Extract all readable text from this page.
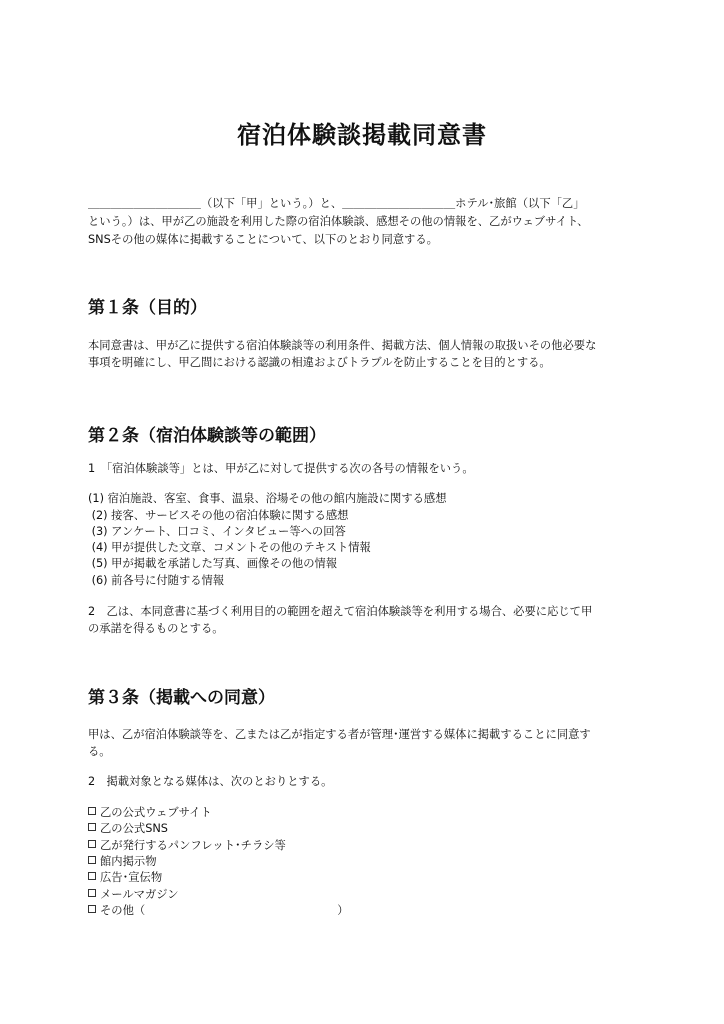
宿泊体験談掲載同意書
＿＿＿＿＿＿＿＿＿＿（以下「甲」という。）と、＿＿＿＿＿＿＿＿＿＿ホテル･旅館（以下「乙」
という。）は、甲が乙の施設を利用した際の宿泊体験談、感想その他の情報を、乙がウェブサイト、
SNSその他の媒体に掲載することについて、以下のとおり同意する。
第１条（目的）
本同意書は、甲が乙に提供する宿泊体験談等の利用条件、掲載方法、個人情報の取扱いその他必要な
事項を明確にし、甲乙間における認識の相違およびトラブルを防止することを目的とする。
第２条（宿泊体験談等の範囲）
1　「宿泊体験談等」とは、甲が乙に対して提供する次の各号の情報をいう。
(1) 宿泊施設、客室、食事、温泉、浴場その他の館内施設に関する感想
(2) 接客、サービスその他の宿泊体験に関する感想
(3) アンケート、口コミ、インタビュー等への回答
(4) 甲が提供した文章、コメントその他のテキスト情報
(5) 甲が掲載を承諾した写真、画像その他の情報
(6) 前各号に付随する情報
2　乙は、本同意書に基づく利用目的の範囲を超えて宿泊体験談等を利用する場合、必要に応じて甲
の承諾を得るものとする。
第３条（掲載への同意）
甲は、乙が宿泊体験談等を、乙または乙が指定する者が管理･運営する媒体に掲載することに同意す
る。
2　掲載対象となる媒体は、次のとおりとする。
乙の公式ウェブサイト
乙の公式SNS
乙が発行するパンフレット･チラシ等
館内掲示物
広告･宣伝物
メールマガジン
その他（　　　　　　　　　　　　　　　　　）
